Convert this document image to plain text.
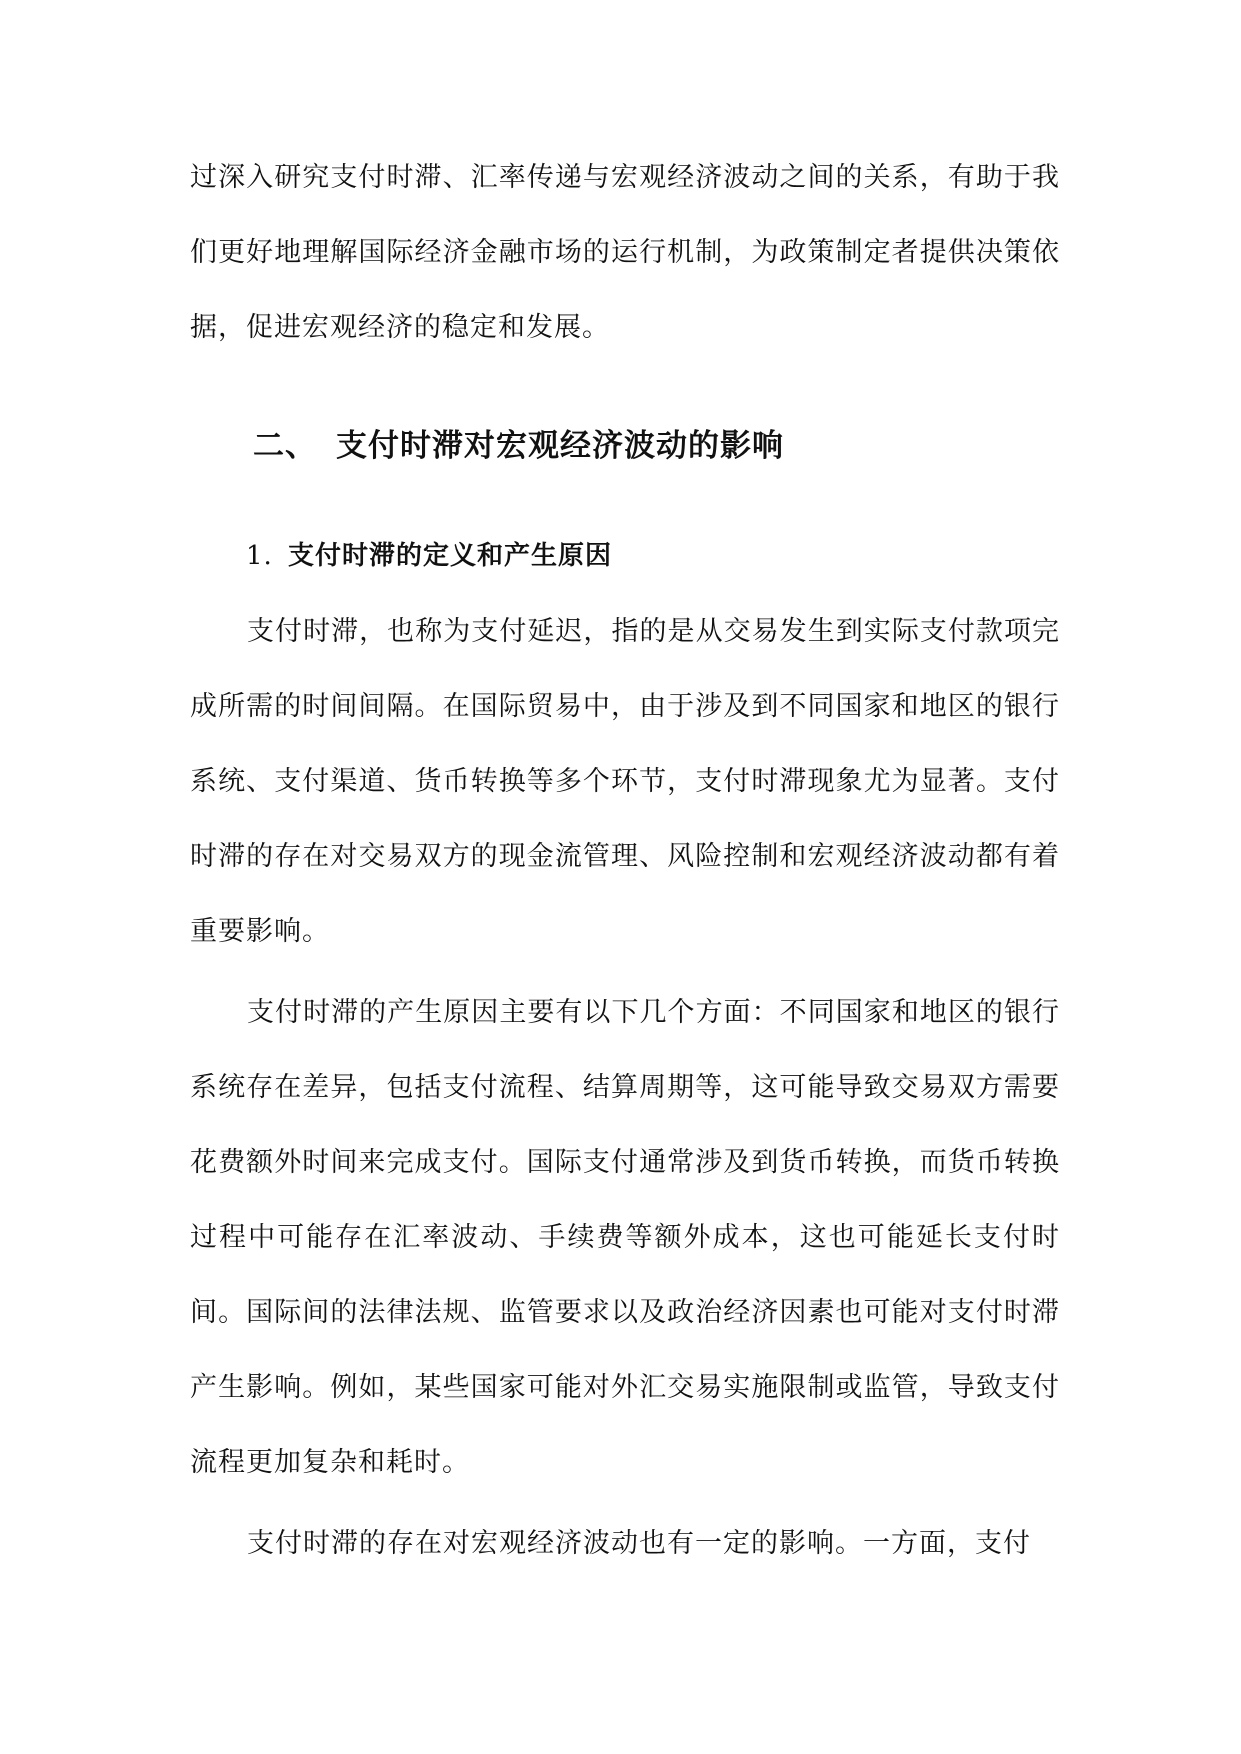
过深入研究支付时滞、汇率传递与宏观经济波动之间的关系，有助于我们更好地理解国际经济金融市场的运行机制，为政策制定者提供决策依据，促进宏观经济的稳定和发展。

二、 支付时滞对宏观经济波动的影响
1. 支付时滞的定义和产生原因

支付时滞，也称为支付延迟，指的是从交易发生到实际支付款项完成所需的时间间隔。在国际贸易中，由于涉及到不同国家和地区的银行系统、支付渠道、货币转换等多个环节，支付时滞现象尤为显著。支付时滞的存在对交易双方的现金流管理、风险控制和宏观经济波动都有着重要影响。

支付时滞的产生原因主要有以下几个方面：不同国家和地区的银行系统存在差异，包括支付流程、结算周期等，这可能导致交易双方需要花费额外时间来完成支付。国际支付通常涉及到货币转换，而货币转换过程中可能存在汇率波动、手续费等额外成本，这也可能延长支付时间。国际间的法律法规、监管要求以及政治经济因素也可能对支付时滞产生影响。例如，某些国家可能对外汇交易实施限制或监管，导致支付流程更加复杂和耗时。

支付时滞的存在对宏观经济波动也有一定的影响。一方面，支付
